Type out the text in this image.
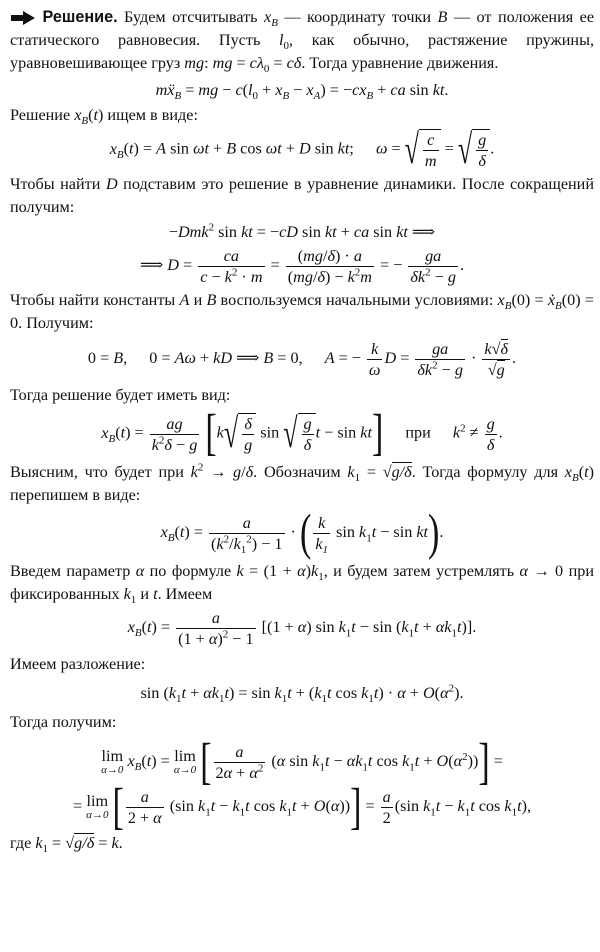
Решение. Будем отсчитывать $x_B$ — координату точки B — от положения ее статического равновесия. Пусть $l_0$, как обычно, растяжение пружины, уравновешивающее груз mg: mg = $c\lambda_0 = c\delta$. Тогда уравнение движения.

mẍ$_B$ = mg − $c(l_0 + x_B - x_A) = -cx_B$ + ca sin kt.

Решение $x_B(t)$ ищем в виде:

$x_B(t) = A$ sin ωt + B cos ωt + D sin kt;  ω = √ $\frac{c}{m}$ = √ $\frac{g}{\delta}$ .

Чтобы найти D подставим это решение в уравнение динамики. После сокращений получим:

−Dmk$^2$ sin kt = −cD sin kt + ca sin kt ⟹

⟹ $D = \frac{ca}{c - k^2 \cdot m} = \frac{(mg/\delta) \cdot a}{(mg/\delta) - k^2m}$ = − $\frac{ga}{\delta k^2 - g}$ .

Чтобы найти константы A и B воспользуемся начальными условиями: $x_B(0)$ = ẋ$_B$(0) = 0. Получим:

0 = B,  0 = Aω + kD ⟹ B = 0,  A = − $\frac{k}{\omega}$ $D = \frac{ga}{\delta k^2 - g} \cdot \frac{k√\delta}{√g}$ .

Тогда решение будет иметь вид:

$x_B(t) = \frac{ag}{k^2\delta - g} [k√ \frac{\delta}{g}$ sin √ $\frac{g}{\delta}$ t − sin kt]  при  $k^2 \ne \frac{g}{\delta}$ .

Выясним, что будет при $k^2 \to g/\delta$. Обозначим $k_1 = √g/\delta$. Тогда формулу для $x_B(t)$ перепишем в виде:

$x_B(t) = \frac{a}{(k^2/k_1^2) - 1}$ · ( $\frac{k}{k_1}$ $\sin k_1t - \sin kt$).

Введем параметр α по формуле $k = (1 + \alpha)k_1$, и будем затем устремлять α → 0 при фиксированных $k_1$ и t. Имеем

$x_B(t) = \frac{a}{(1 + \alpha)^2 - 1} [(1 + \alpha)$ $\sin k_1t - \sin (k_1t + \alpha k_1t)$].

Имеем разложение:

$\sin (k_1t + \alpha k_1t) = \sin k_1t + (k_1t$ $\cos k_1t) \cdot \alpha + O(\alpha^2)$.

Тогда получим:

lim
α→0 $x_B(t) = \lim$
α→0 [ $\frac{a}{2\alpha + \alpha^2} (\alpha$ $\sin k_1t - \alpha k_1t$ $\cos k_1t + O(\alpha^2)$)] =

= lim
α→0 [ $\frac{a}{2 + \alpha} (\sin$ $k_1t - k_1t$ $\cos k_1t + O(\alpha))] = \frac{a}{2} (\sin$ $k_1t - k_1t$ $\cos k_1t$),

где $k_1 = √g/\delta = k$.
